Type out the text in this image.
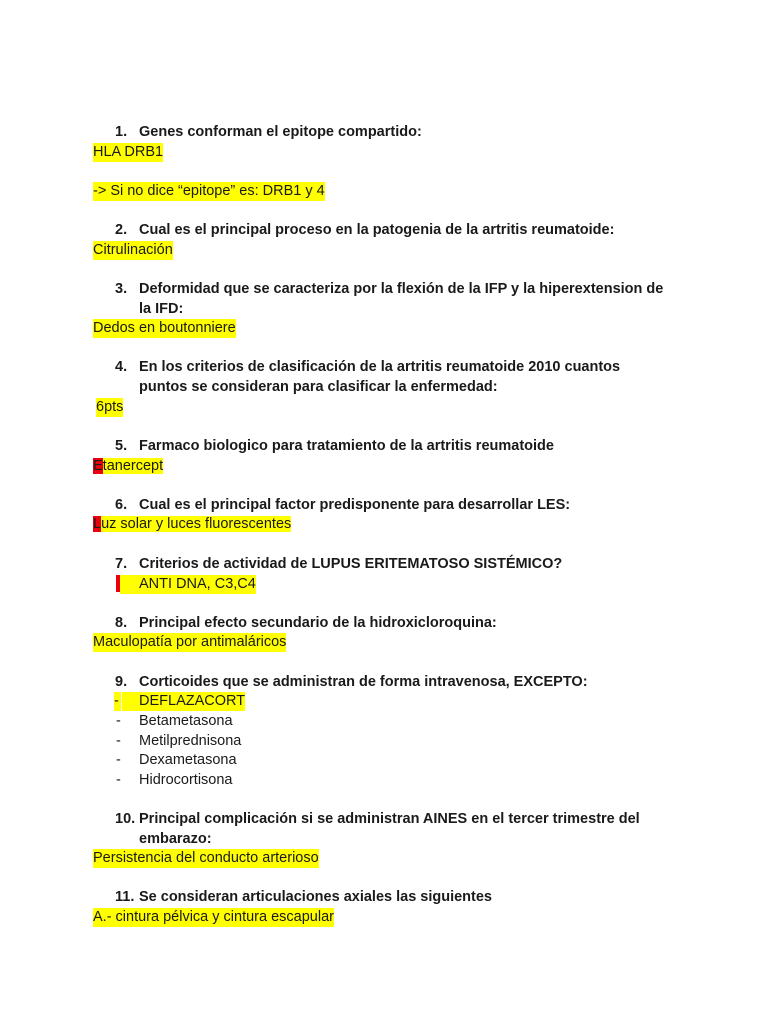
1. Genes conforman el epitope compartido:
HLA DRB1
-> Si no dice “epitope” es: DRB1 y 4
2. Cual es el principal proceso en la patogenia de la artritis reumatoide:
Citrulinación
3. Deformidad que se caracteriza por la flexión de la IFP y la hiperextension de
la IFD:
Dedos en boutonniere
4. En los criterios de clasificación de la artritis reumatoide 2010 cuantos
puntos se consideran para clasificar la enfermedad:
6pts
5. Farmaco biologico para tratamiento de la artritis reumatoide
Etanercept
6. Cual es el principal factor predisponente para desarrollar LES:
Luz solar y luces fluorescentes
7. Criterios de actividad de LUPUS ERITEMATOSO SISTÉMICO?
ANTI DNA, C3,C4
8. Principal efecto secundario de la hidroxicloroquina:
Maculopatía por antimaláricos
9. Corticoides que se administran de forma intravenosa, EXCEPTO:
-	DEFLAZACORT
- Betametasona
- Metilprednisona
- Dexametasona
- Hidrocortisona
10. Principal complicación si se administran AINES en el tercer trimestre del
embarazo:
Persistencia del conducto arterioso
11. Se consideran articulaciones axiales las siguientes
A.- cintura pélvica y cintura escapular
